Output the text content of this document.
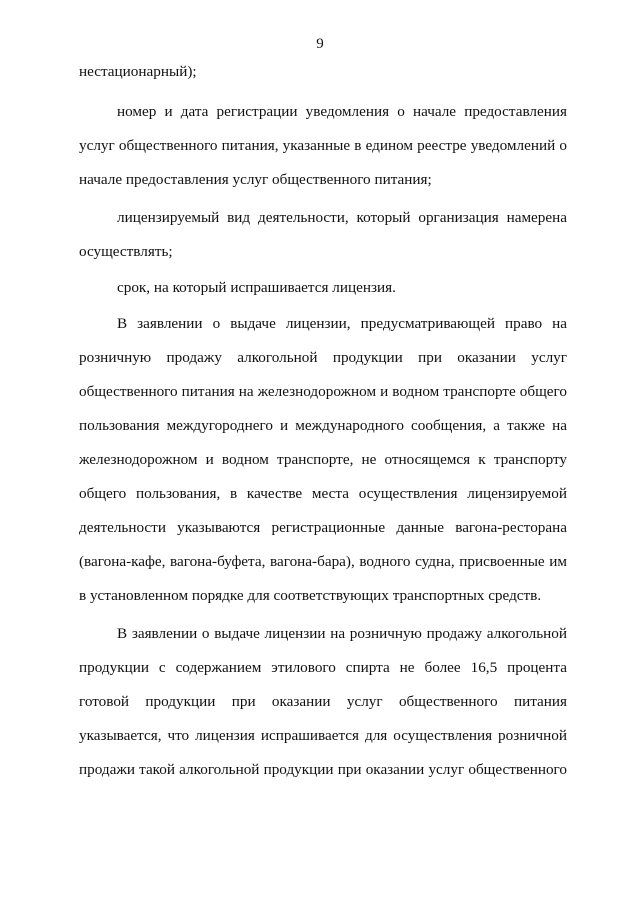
9
нестационарный);
номер и дата регистрации уведомления о начале предоставления
услуг общественного питания, указанные в едином реестре уведомлений о
начале предоставления услуг общественного питания;
лицензируемый вид деятельности, который организация намерена
осуществлять;
срок, на который испрашивается лицензия.
В заявлении о выдаче лицензии, предусматривающей право на
розничную продажу алкогольной продукции при оказании услуг
общественного питания на железнодорожном и водном транспорте общего
пользования междугороднего и международного сообщения, а также на
железнодорожном и водном транспорте, не относящемся к транспорту
общего пользования, в качестве места осуществления лицензируемой
деятельности указываются регистрационные данные вагона-ресторана
(вагона-кафе, вагона-буфета, вагона-бара), водного судна, присвоенные им
в установленном порядке для соответствующих транспортных средств.
В заявлении о выдаче лицензии на розничную продажу алкогольной
продукции с содержанием этилового спирта не более 16,5 процента
готовой продукции при оказании услуг общественного питания
указывается, что лицензия испрашивается для осуществления розничной
продажи такой алкогольной продукции при оказании услуг общественного
